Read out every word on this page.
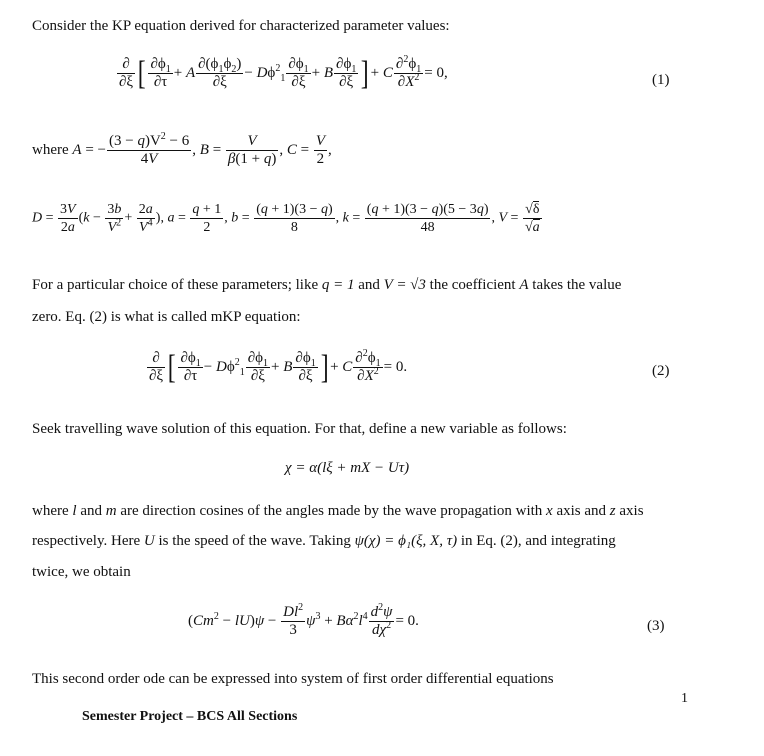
Consider the KP equation derived for characterized parameter values:
$\frac{\partial}{\partial\xi}$ [ $\frac{\partial\phi_1}{\partial\tau} + A \frac{\partial(\phi_1\phi_2)}{\partial\xi} - D\phi^2_1 \frac{\partial\phi_1}{\partial\xi} + B \frac{\partial\phi_1}{\partial\xi}$ ] + C $\frac{\partial^2\phi_1}{\partial X^2} = 0$,	(1)
where A = − $\frac{(3 - q)V^2 - 6}{4V}$ , $B = \frac{V}{\beta(1 + q)}$ , $C = \frac{V}{2}$ ,
$D = \frac{3V}{2a} (k - \frac{3b}{V^2} + \frac{2a}{V^4}$ ), $a = \frac{q + 1}{2}$ , $b = \frac{(q + 1)(3 - q)}{8}$ , $k = \frac{(q + 1)(3 - q)(5 - 3q)}{48}$ , $V = \frac{√\delta}{√a}$
For a particular choice of these parameters; like q = 1 and V = √3 the coefficient A takes the value
zero. Eq. (2) is what is called mKP equation:
$\frac{\partial}{\partial\xi}$ [ $\frac{\partial\phi_1}{\partial\tau} - D\phi^2_1 \frac{\partial\phi_1}{\partial\xi} + B \frac{\partial\phi_1}{\partial\xi}$ ] + C $\frac{\partial^2\phi_1}{\partial X^2} = 0$.	(2)
Seek travelling wave solution of this equation. For that, define a new variable as follows:
χ = α(lξ + mX − Uτ)
where l and m are direction cosines of the angles made by the wave propagation with x axis and z axis
respectively. Here U is the speed of the wave. Taking ψ(χ) = ϕ₁(ξ, X, τ) in Eq. (2), and integrating
twice, we obtain
$(Cm^2 - lU)\psi - \frac{Dl^2}{3} \psi^3 + B\alpha^2l^4 \frac{d^2\psi}{d\chi^2} = 0$.	(3)
This second order ode can be expressed into system of first order differential equations
1
Semester Project – BCS All Sections
